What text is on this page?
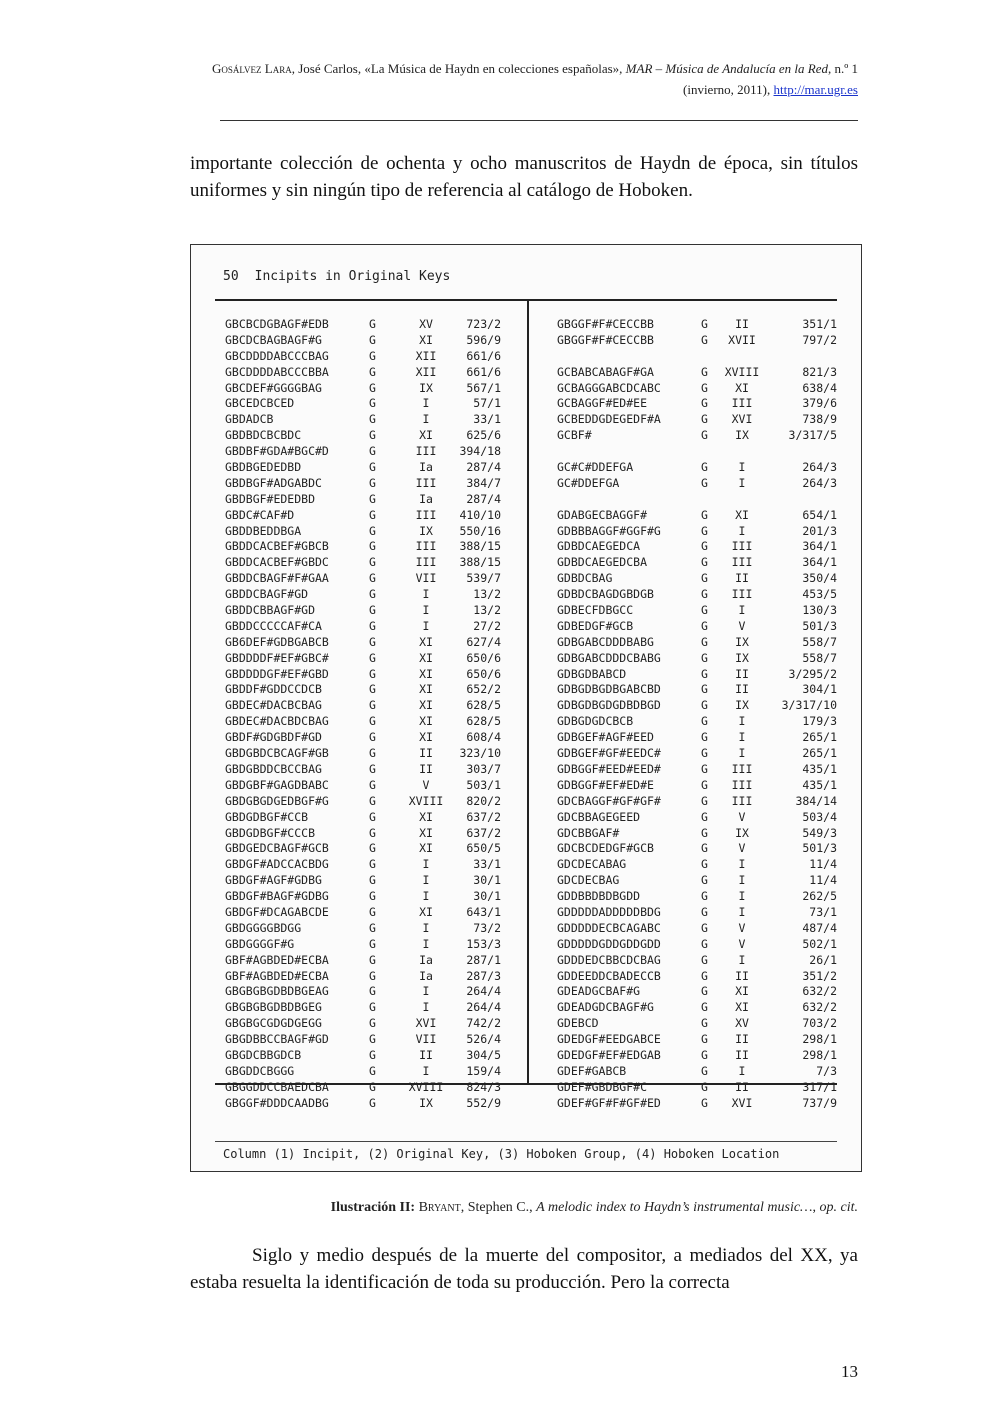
Gosálvez Lara, José Carlos, «La Música de Haydn en colecciones españolas», MAR – Música de Andalucía en la Red, n.º 1 (invierno, 2011), http://mar.ugr.es
importante colección de ochenta y ocho manuscritos de Haydn de época, sin títulos uniformes y sin ningún tipo de referencia al catálogo de Hoboken.
50 Incipits in Original Keys
GBCBCDGBAGF#EDB	G	XV	723/2
GBCDCBAGBAGF#G	G	XI	596/9
GBCDDDDABCCCBAG	G	XII	661/6
GBCDDDDABCCCBBA	G	XII	661/6
GBCDEF#GGGGBAG	G	IX	567/1
GBCEDCBCED	G	I	57/1
GBDADCB	G	I	33/1
GBDBDCBCBDC	G	XI	625/6
GBDBF#GDA#BGC#D	G	III	394/18
GBDBGEDEDBD	G	Ia	287/4
GBDBGF#ADGABDC	G	III	384/7
GBDBGF#EDEDBD	G	Ia	287/4
GBDC#CAF#D	G	III	410/10
GBDDBEDDBGA	G	IX	550/16
GBDDCACBEF#GBCB	G	III	388/15
GBDDCACBEF#GBDC	G	III	388/15
GBDDCBAGF#F#GAA	G	VII	539/7
GBDDCBAGF#GD	G	I	13/2
GBDDCBBAGF#GD	G	I	13/2
GBDDCCCCCAF#CA	G	I	27/2
GB6DEF#GDBGABCB	G	XI	627/4
GBDDDDF#EF#GBC#	G	XI	650/6
GBDDDDGF#EF#GBD	G	XI	650/6
GBDDF#GDDCCDCB	G	XI	652/2
GBDEC#DACBCBAG	G	XI	628/5
GBDEC#DACBDCBAG	G	XI	628/5
GBDF#GDGBDF#GD	G	XI	608/4
GBDGBDCBCAGF#GB	G	II	323/10
GBDGBDDCBCCBAG	G	II	303/7
GBDGBF#GAGDBABC	G	V	503/1
GBDGBGDGEDBGF#G	G	XVIII	820/2
GBDGDBGF#CCB	G	XI	637/2
GBDGDBGF#CCCB	G	XI	637/2
GBDGEDCBAGF#GCB	G	XI	650/5
GBDGF#ADCCACBDG	G	I	33/1
GBDGF#AGF#GDBG	G	I	30/1
GBDGF#BAGF#GDBG	G	I	30/1
GBDGF#DCAGABCDE	G	XI	643/1
GBDGGGGBDGG	G	I	73/2
GBDGGGGF#G	G	I	153/3
GBF#AGBDED#ECBA	G	Ia	287/1
GBF#AGBDED#ECBA	G	Ia	287/3
GBGBGBGDBDBGEAG	G	I	264/4
GBGBGBGDBDBGEG	G	I	264/4
GBGBGCGDGDGEGG	G	XVI	742/2
GBGDBBCCBAGF#GD	G	VII	526/4
GBGDCBBGDCB	G	II	304/5
GBGDDCBGGG	G	I	159/4
GBGGDDCCBAEDCBA	G	XVIII	824/3
GBGGF#DDDCAADBG	G	IX	552/9
GBGGF#F#CECCBB	G	II	351/1
GBGGF#F#CECCBB	G	XVII	797/2
GCBABCABAGF#GA	G	XVIII	821/3
GCBAGGGABCDCABC	G	XI	638/4
GCBAGGF#ED#EE	G	III	379/6
GCBEDDGDEGEDF#A	G	XVI	738/9
GCBF#	G	IX	3/317/5
GC#C#DDEFGA	G	I	264/3
GC#DDEFGA	G	I	264/3
GDABGECBAGGF#	G	XI	654/1
GDBBBAGGF#GGF#G	G	I	201/3
GDBDCAEGEDCA	G	III	364/1
GDBDCAEGEDCBA	G	III	364/1
GDBDCBAG	G	II	350/4
GDBDCBAGDGBDGB	G	III	453/5
GDBECFDBGCC	G	I	130/3
GDBEDGF#GCB	G	V	501/3
GDBGABCDDDBABG	G	IX	558/7
GDBGABCDDDCBABG	G	IX	558/7
GDBGDBABCD	G	II	3/295/2
GDBGDBGDBGABCBD	G	II	304/1
GDBGDBGDGDBDBGD	G	IX	3/317/10
GDBGDGDCBCB	G	I	179/3
GDBGEF#AGF#EED	G	I	265/1
GDBGEF#GF#EEDC#	G	I	265/1
GDBGGF#EED#EED#	G	III	435/1
GDBGGF#EF#ED#E	G	III	435/1
GDCBAGGF#GF#GF#	G	III	384/14
GDCBBAGEGEED	G	V	503/4
GDCBBGAF#	G	IX	549/3
GDCBCDEDGF#GCB	G	V	501/3
GDCDECABAG	G	I	11/4
GDCDECBAG	G	I	11/4
GDDBBDBDBGDD	G	I	262/5
GDDDDDADDDDDBDG	G	I	73/1
GDDDDDECBCAGABC	G	V	487/4
GDDDDDGDDGDDGDD	G	V	502/1
GDDDEDCBBCDCBAG	G	I	26/1
GDDEEDDCBADECCB	G	II	351/2
GDEADGCBAF#G	G	XI	632/2
GDEADGDCBAGF#G	G	XI	632/2
GDEBCD	G	XV	703/2
GDEDGF#EEDGABCE	G	II	298/1
GDEDGF#EF#EDGAB	G	II	298/1
GDEF#GABCB	G	I	7/3
GDEF#GBDBGF#C	G	II	317/1
GDEF#GF#F#GF#ED	G	XVI	737/9
Column (1) Incipit, (2) Original Key, (3) Hoboken Group, (4) Hoboken Location
Ilustración II: Bryant, Stephen C., A melodic index to Haydn’s instrumental music…, op. cit.
Siglo y medio después de la muerte del compositor, a mediados del XX, ya estaba resuelta la identificación de toda su producción. Pero la correcta
13
